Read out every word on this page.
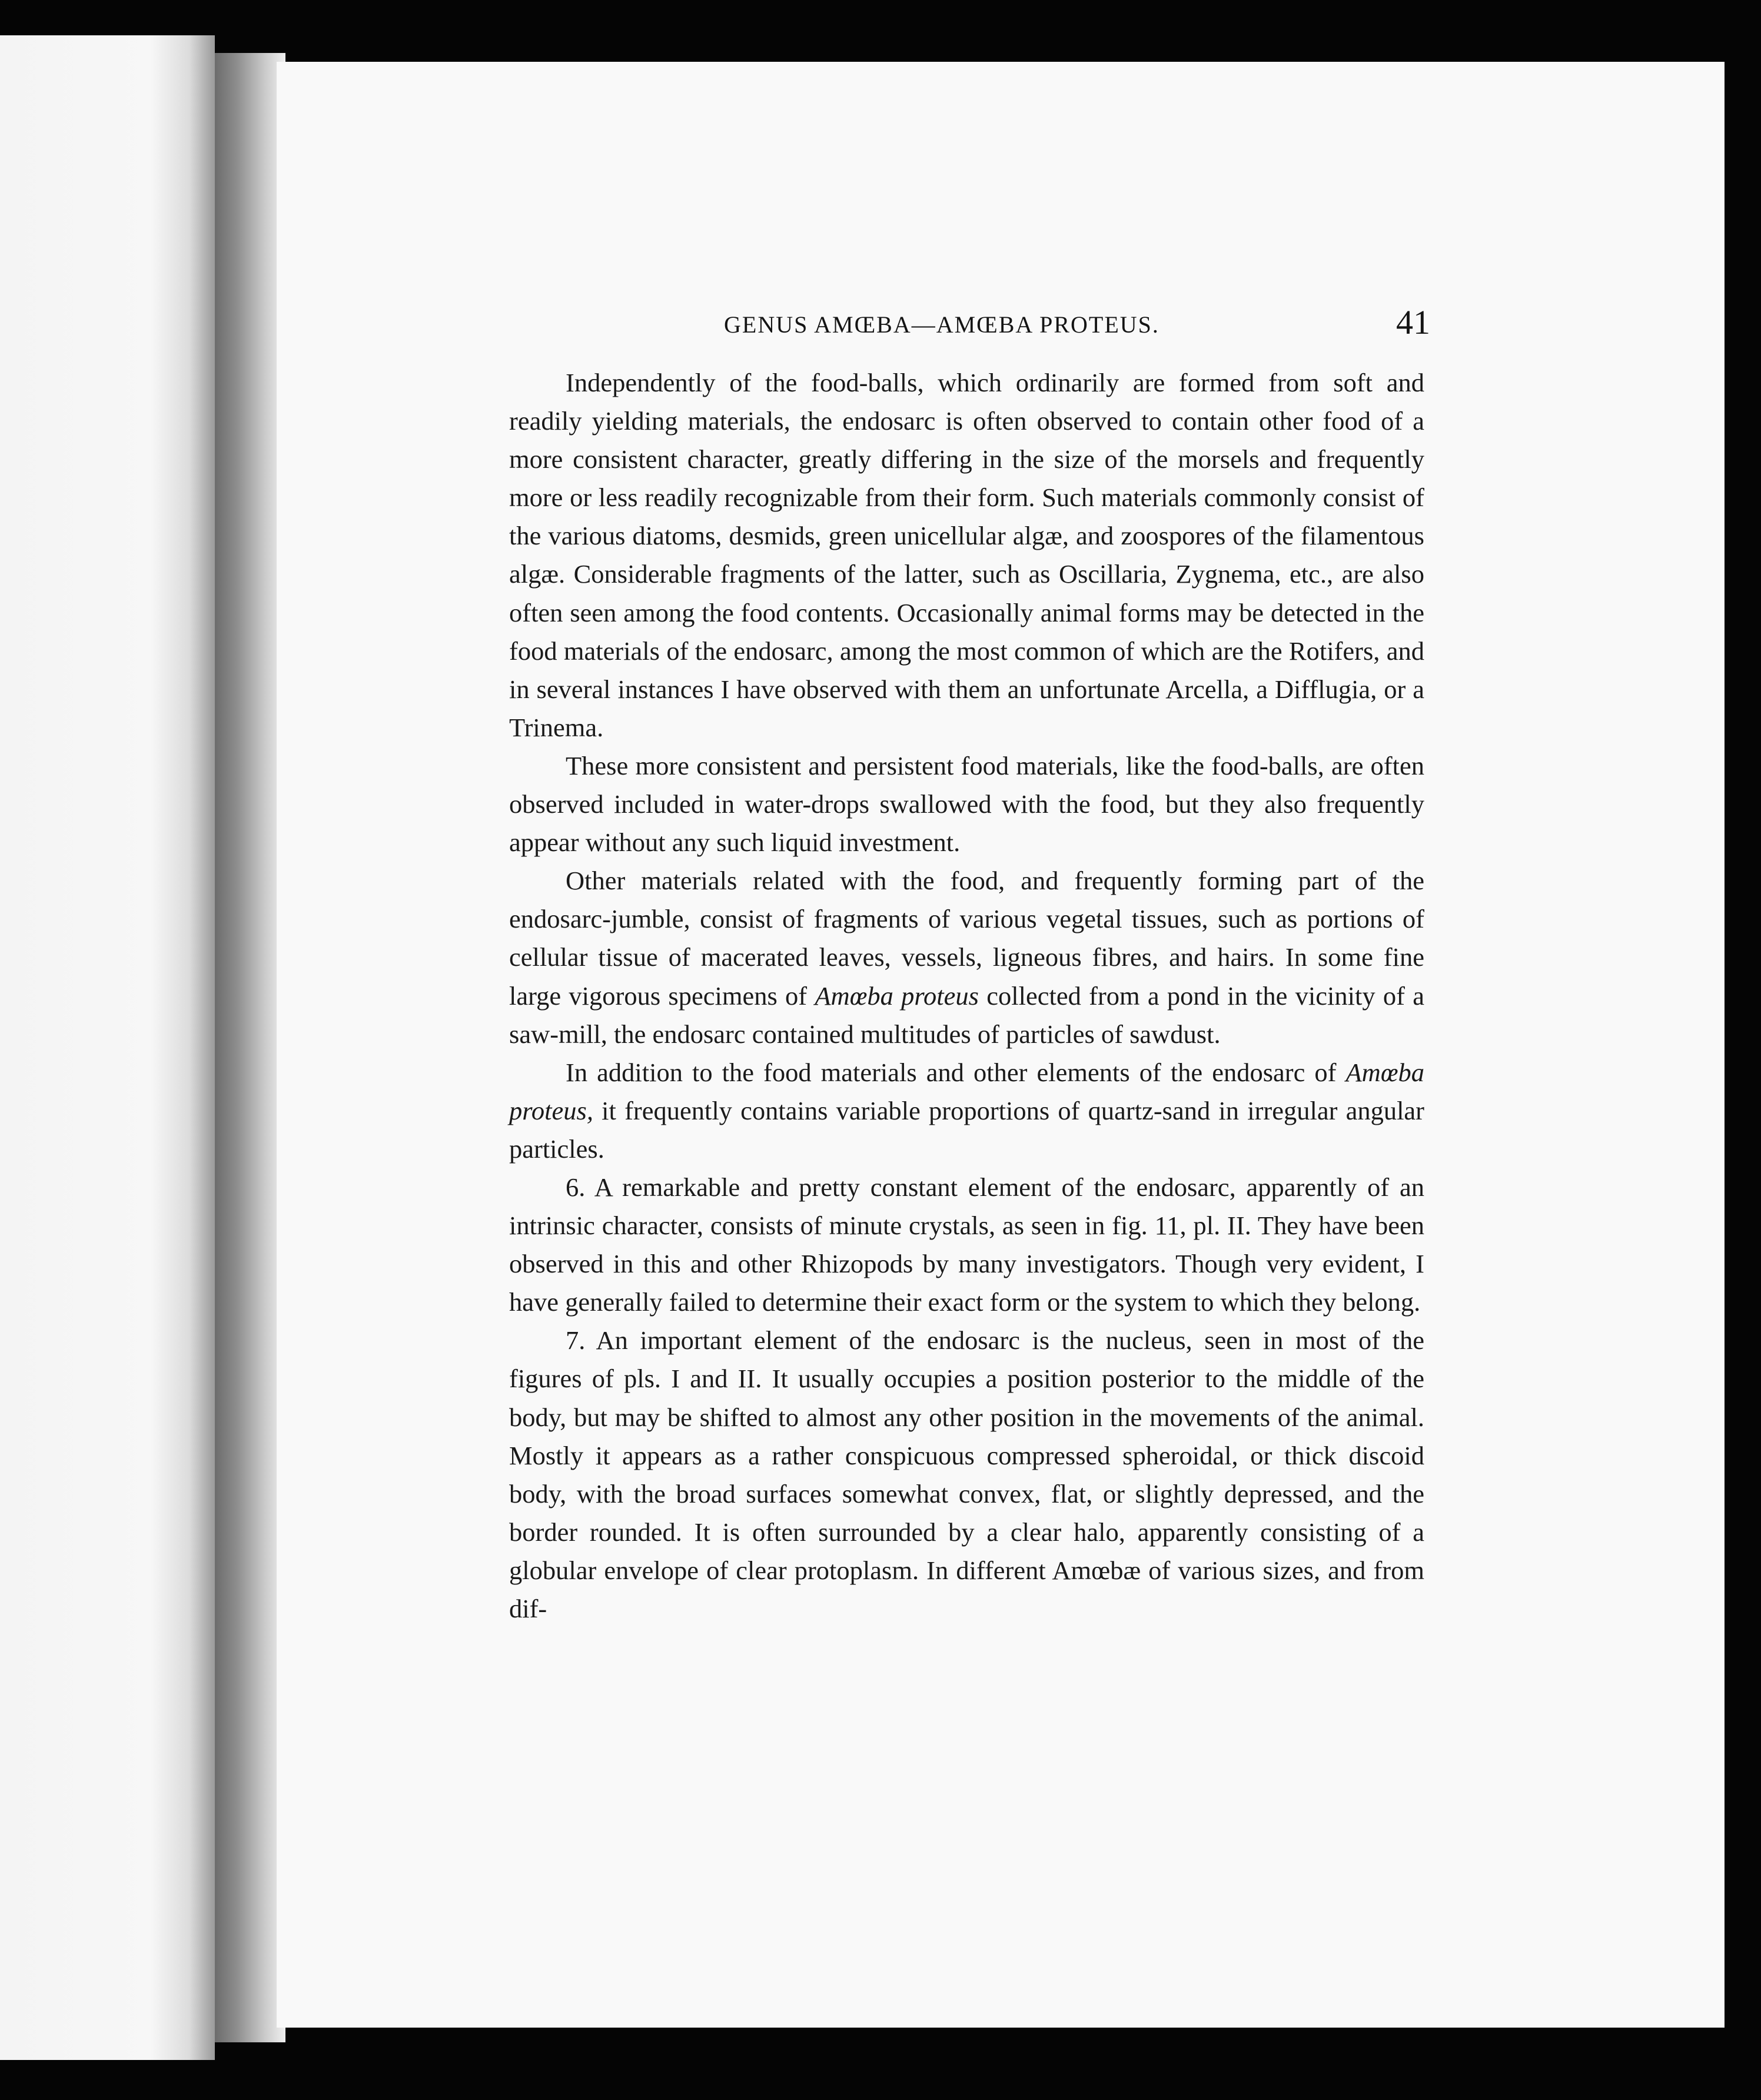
GENUS AMŒBA—AMŒBA PROTEUS.	41

Independently of the food-balls, which ordinarily are formed from soft and readily yielding materials, the endosarc is often observed to contain other food of a more consistent character, greatly differing in the size of the morsels and frequently more or less readily recognizable from their form. Such materials commonly consist of the various diatoms, desmids, green unicellular algæ, and zoospores of the filamentous algæ. Considerable fragments of the latter, such as Oscillaria, Zygnema, etc., are also often seen among the food contents. Occasionally animal forms may be detected in the food materials of the endosarc, among the most common of which are the Rotifers, and in several instances I have observed with them an unfortunate Arcella, a Difflugia, or a Trinema.

These more consistent and persistent food materials, like the food-balls, are often observed included in water-drops swallowed with the food, but they also frequently appear without any such liquid investment.

Other materials related with the food, and frequently forming part of the endosarc-jumble, consist of fragments of various vegetal tissues, such as portions of cellular tissue of macerated leaves, vessels, ligneous fibres, and hairs. In some fine large vigorous specimens of Amœba proteus collected from a pond in the vicinity of a saw-mill, the endosarc contained multitudes of particles of sawdust.

In addition to the food materials and other elements of the endosarc of Amœba proteus, it frequently contains variable proportions of quartz-sand in irregular angular particles.

6. A remarkable and pretty constant element of the endosarc, apparently of an intrinsic character, consists of minute crystals, as seen in fig. 11, pl. II. They have been observed in this and other Rhizopods by many investigators. Though very evident, I have generally failed to determine their exact form or the system to which they belong.

7. An important element of the endosarc is the nucleus, seen in most of the figures of pls. I and II. It usually occupies a position posterior to the middle of the body, but may be shifted to almost any other position in the movements of the animal. Mostly it appears as a rather conspicuous compressed spheroidal, or thick discoid body, with the broad surfaces somewhat convex, flat, or slightly depressed, and the border rounded. It is often surrounded by a clear halo, apparently consisting of a globular envelope of clear protoplasm. In different Amœbæ of various sizes, and from dif-
